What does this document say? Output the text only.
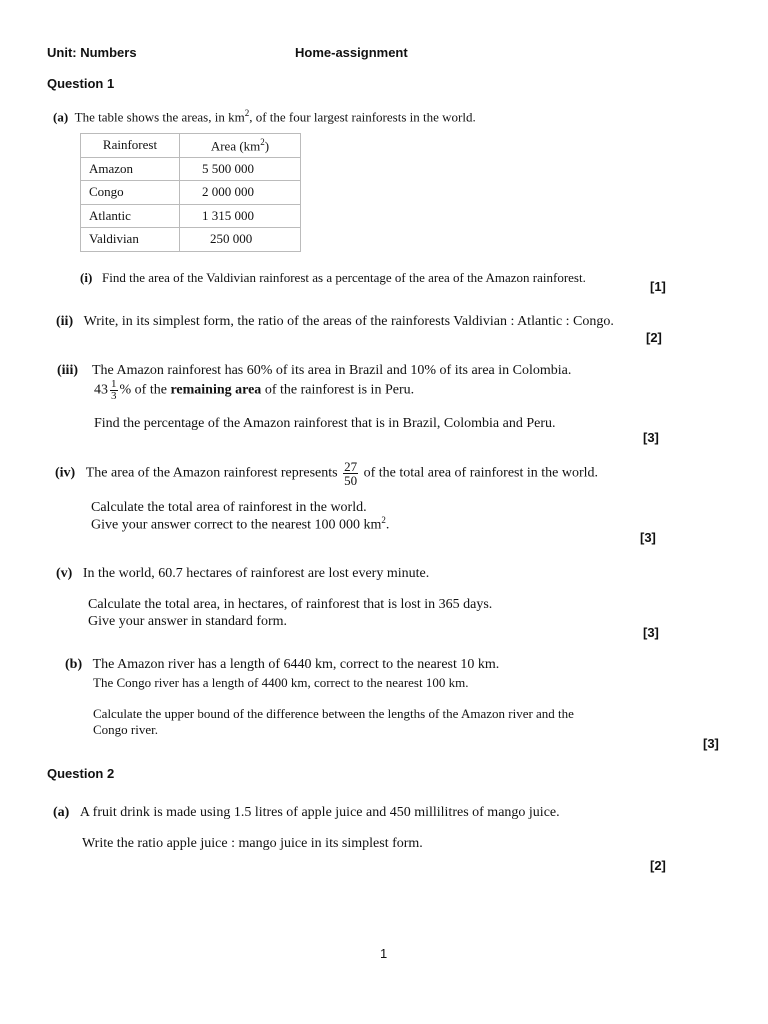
Unit: Numbers	Home-assignment
Question 1
(a) The table shows the areas, in $km^2$, of the four largest rainforests in the world.
Rainforest	Area $(km^2)$
Amazon	5 500 000
Congo	2 000 000
Atlantic	1 315 000
Valdivian	250 000
(i) Find the area of the Valdivian rainforest as a percentage of the area of the Amazon rainforest.
[1]
(ii) Write, in its simplest form, the ratio of the areas of the rainforests Valdivian : Atlantic : Congo.
[2]
(iii) The Amazon rainforest has 60% of its area in Brazil and 10% of its area in Colombia.
$43 \frac{1}{3}$ % of the remaining area of the rainforest is in Peru.
Find the percentage of the Amazon rainforest that is in Brazil, Colombia and Peru.
[3]
(iv) The area of the Amazon rainforest represents $\frac{27}{50}$ of the total area of rainforest in the world.
Calculate the total area of rainforest in the world.
Give your answer correct to the nearest 100 000 $km^2$.
[3]
(v) In the world, 60.7 hectares of rainforest are lost every minute.
Calculate the total area, in hectares, of rainforest that is lost in 365 days.
Give your answer in standard form.
[3]
(b) The Amazon river has a length of 6440 km, correct to the nearest 10 km.
The Congo river has a length of 4400 km, correct to the nearest 100 km.
Calculate the upper bound of the difference between the lengths of the Amazon river and the
Congo river.
[3]
Question 2
(a) A fruit drink is made using 1.5 litres of apple juice and 450 millilitres of mango juice.
Write the ratio apple juice : mango juice in its simplest form.
[2]
1
